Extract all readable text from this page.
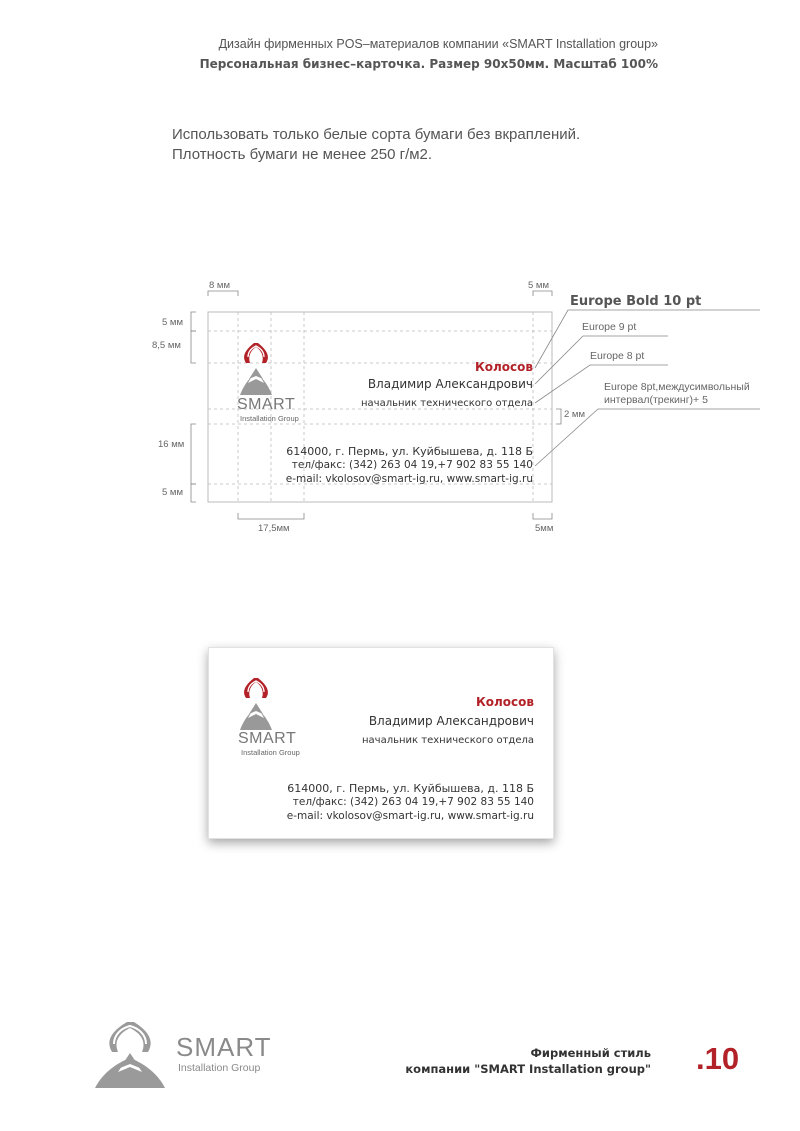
Дизайн фирменных POS–материалов компании «SMART Installation group»
Персональная бизнес–карточка. Размер 90х50мм. Масштаб 100%
Использовать только белые сорта бумаги без вкраплений.
Плотность бумаги не менее 250 г/м2.
SMART
Installation Group
Колосов
Владимир Александрович
начальник технического отдела
614000, г. Пермь, ул. Куйбышева, д. 118 Б
тел/факс: (342) 263 04 19,+7 902 83 55 140
e-mail: vkolosov@smart-ig.ru, www.smart-ig.ru
8 мм	5 мм
5 мм
8,5 мм
16 мм
5 мм
17,5мм	5мм
2 мм
Europe Bold 10 pt
Europe 9 pt
Europe 8 pt
Europe 8pt,междусимвольный
интервал(трекинг)+ 5
SMART
Installation Group
Колосов
Владимир Александрович
начальник технического отдела
614000, г. Пермь, ул. Куйбышева, д. 118 Б
тел/факс: (342) 263 04 19,+7 902 83 55 140
e-mail: vkolosov@smart-ig.ru, www.smart-ig.ru
SMART
Installation Group
Фирменный стиль
компании "SMART Installation group" .10
